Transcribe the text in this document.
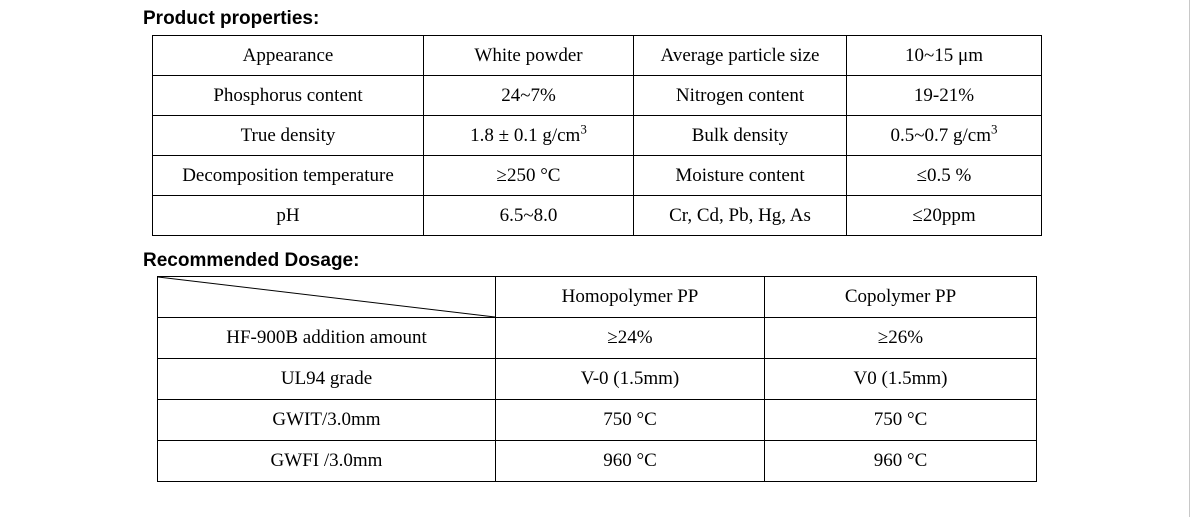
Product properties:
Appearance	White powder	Average particle size	10~15 μm
Phosphorus content	24~7%	Nitrogen content	19-21%
True density	1.8 ± 0.1 $g/cm^3$	Bulk density	0.5~0.7 $g/cm^3$
Decomposition temperature	≥250 °C	Moisture content	≤0.5 %
pH	6.5~8.0	Cr, Cd, Pb, Hg, As	≤20ppm
Recommended Dosage:
	Homopolymer PP	Copolymer PP
HF-900B addition amount	≥24%	≥26%
UL94 grade	V-0 (1.5mm)	V0 (1.5mm)
GWIT/3.0mm	750 °C	750 °C
GWFI /3.0mm	960 °C	960 °C
